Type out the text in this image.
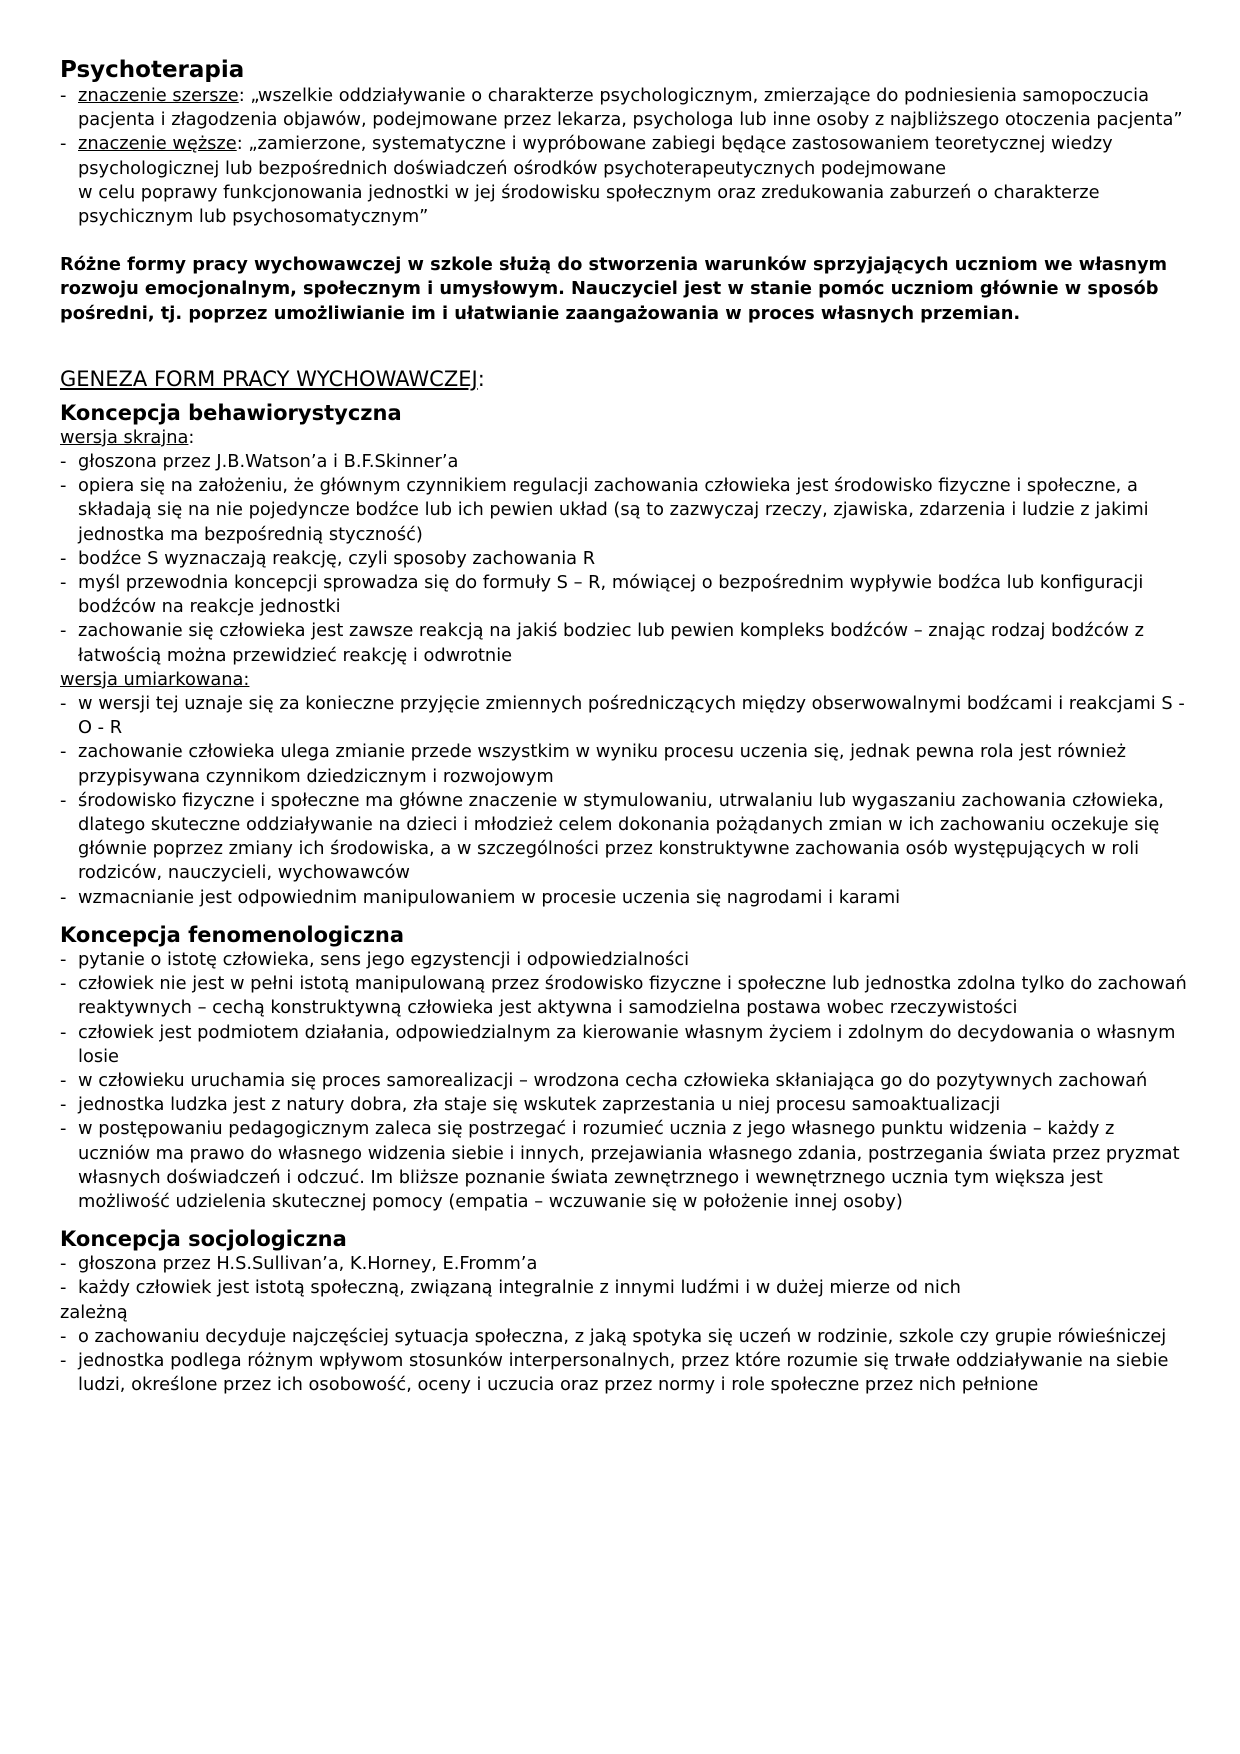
Psychoterapia
- znaczenie szersze: „wszelkie oddziaływanie o charakterze psychologicznym, zmierzające do podniesienia samopoczucia pacjenta i złagodzenia objawów, podejmowane przez lekarza, psychologa lub inne osoby z najbliższego otoczenia pacjenta”
- znaczenie węższe: „zamierzone, systematyczne i wypróbowane zabiegi będące zastosowaniem teoretycznej wiedzy psychologicznej lub bezpośrednich doświadczeń ośrodków psychoterapeutycznych podejmowane
w celu poprawy funkcjonowania jednostki w jej środowisku społecznym oraz zredukowania zaburzeń o charakterze psychicznym lub psychosomatycznym”
Różne formy pracy wychowawczej w szkole służą do stworzenia warunków sprzyjających uczniom we własnym rozwoju emocjonalnym, społecznym i umysłowym. Nauczyciel jest w stanie pomóc uczniom głównie w sposób pośredni, tj. poprzez umożliwianie im i ułatwianie zaangażowania w proces własnych przemian.
GENEZA FORM PRACY WYCHOWAWCZEJ:
Koncepcja behawiorystyczna
wersja skrajna:
- głoszona przez J.B.Watson’a i B.F.Skinner’a
- opiera się na założeniu, że głównym czynnikiem regulacji zachowania człowieka jest środowisko fizyczne i społeczne, a składają się na nie pojedyncze bodźce lub ich pewien układ (są to zazwyczaj rzeczy, zjawiska, zdarzenia i ludzie z jakimi jednostka ma bezpośrednią styczność)
- bodźce S wyznaczają reakcję, czyli sposoby zachowania R
- myśl przewodnia koncepcji sprowadza się do formuły S – R, mówiącej o bezpośrednim wypływie bodźca lub konfiguracji bodźców na reakcje jednostki
- zachowanie się człowieka jest zawsze reakcją na jakiś bodziec lub pewien kompleks bodźców – znając rodzaj bodźców z łatwością można przewidzieć reakcję i odwrotnie
wersja umiarkowana:
- w wersji tej uznaje się za konieczne przyjęcie zmiennych pośredniczących między obserwowalnymi bodźcami i reakcjami S - O - R
- zachowanie człowieka ulega zmianie przede wszystkim w wyniku procesu uczenia się, jednak pewna rola jest również przypisywana czynnikom dziedzicznym i rozwojowym
- środowisko fizyczne i społeczne ma główne znaczenie w stymulowaniu, utrwalaniu lub wygaszaniu zachowania człowieka, dlatego skuteczne oddziaływanie na dzieci i młodzież celem dokonania pożądanych zmian w ich zachowaniu oczekuje się głównie poprzez zmiany ich środowiska, a w szczególności przez konstruktywne zachowania osób występujących w roli rodziców, nauczycieli, wychowawców
- wzmacnianie jest odpowiednim manipulowaniem w procesie uczenia się nagrodami i karami
Koncepcja fenomenologiczna
- pytanie o istotę człowieka, sens jego egzystencji i odpowiedzialności
- człowiek nie jest w pełni istotą manipulowaną przez środowisko fizyczne i społeczne lub jednostka zdolna tylko do zachowań reaktywnych – cechą konstruktywną człowieka jest aktywna i samodzielna postawa wobec rzeczywistości
- człowiek jest podmiotem działania, odpowiedzialnym za kierowanie własnym życiem i zdolnym do decydowania o własnym losie
- w człowieku uruchamia się proces samorealizacji – wrodzona cecha człowieka skłaniająca go do pozytywnych zachowań
- jednostka ludzka jest z natury dobra, zła staje się wskutek zaprzestania u niej procesu samoaktualizacji
- w postępowaniu pedagogicznym zaleca się postrzegać i rozumieć ucznia z jego własnego punktu widzenia – każdy z uczniów ma prawo do własnego widzenia siebie i innych, przejawiania własnego zdania, postrzegania świata przez pryzmat własnych doświadczeń i odczuć. Im bliższe poznanie świata zewnętrznego i wewnętrznego ucznia tym większa jest możliwość udzielenia skutecznej pomocy (empatia – wczuwanie się w położenie innej osoby)
Koncepcja socjologiczna
- głoszona przez H.S.Sullivan’a, K.Horney, E.Fromm’a
- każdy człowiek jest istotą społeczną, związaną integralnie z innymi ludźmi i w dużej mierze od nich
zależną
- o zachowaniu decyduje najczęściej sytuacja społeczna, z jaką spotyka się uczeń w rodzinie, szkole czy grupie rówieśniczej
- jednostka podlega różnym wpływom stosunków interpersonalnych, przez które rozumie się trwałe oddziaływanie na siebie ludzi, określone przez ich osobowość, oceny i uczucia oraz przez normy i role społeczne przez nich pełnione
